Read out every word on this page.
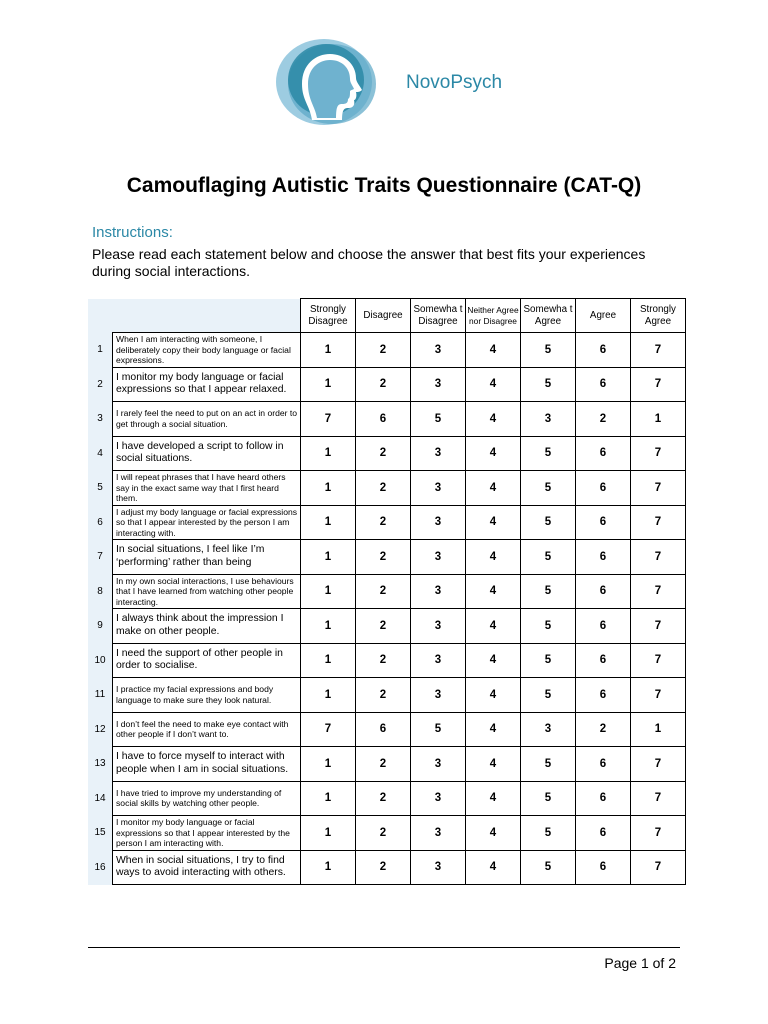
NovoPsych
Camouflaging Autistic Traits Questionnaire (CAT-Q)
Instructions:
Please read each statement below and choose the answer that best fits your experiences during social interactions.
		Strongly Disagree	Disagree	Somewha t Disagree	Neither Agree nor Disagree	Somewha t Agree	Agree	Strongly Agree
1	When I am interacting with someone, I deliberately copy their body language or facial expressions.	1	2	3	4	5	6	7
2	I monitor my body language or facial expressions so that I appear relaxed.	1	2	3	4	5	6	7
3	I rarely feel the need to put on an act in order to get through a social situation.	7	6	5	4	3	2	1
4	I have developed a script to follow in social situations.	1	2	3	4	5	6	7
5	I will repeat phrases that I have heard others say in the exact same way that I first heard them.	1	2	3	4	5	6	7
6	I adjust my body language or facial expressions so that I appear interested by the person I am interacting with.	1	2	3	4	5	6	7
7	In social situations, I feel like I’m ‘performing’ rather than being	1	2	3	4	5	6	7
8	In my own social interactions, I use behaviours that I have learned from watching other people interacting.	1	2	3	4	5	6	7
9	I always think about the impression I make on other people.	1	2	3	4	5	6	7
10	I need the support of other people in order to socialise.	1	2	3	4	5	6	7
11	I practice my facial expressions and body language to make sure they look natural.	1	2	3	4	5	6	7
12	I don’t feel the need to make eye contact with other people if I don’t want to.	7	6	5	4	3	2	1
13	I have to force myself to interact with people when I am in social situations.	1	2	3	4	5	6	7
14	I have tried to improve my understanding of social skills by watching other people.	1	2	3	4	5	6	7
15	I monitor my body language or facial expressions so that I appear interested by the person I am interacting with.	1	2	3	4	5	6	7
16	When in social situations, I try to find ways to avoid interacting with others.	1	2	3	4	5	6	7
Page 1 of 2
